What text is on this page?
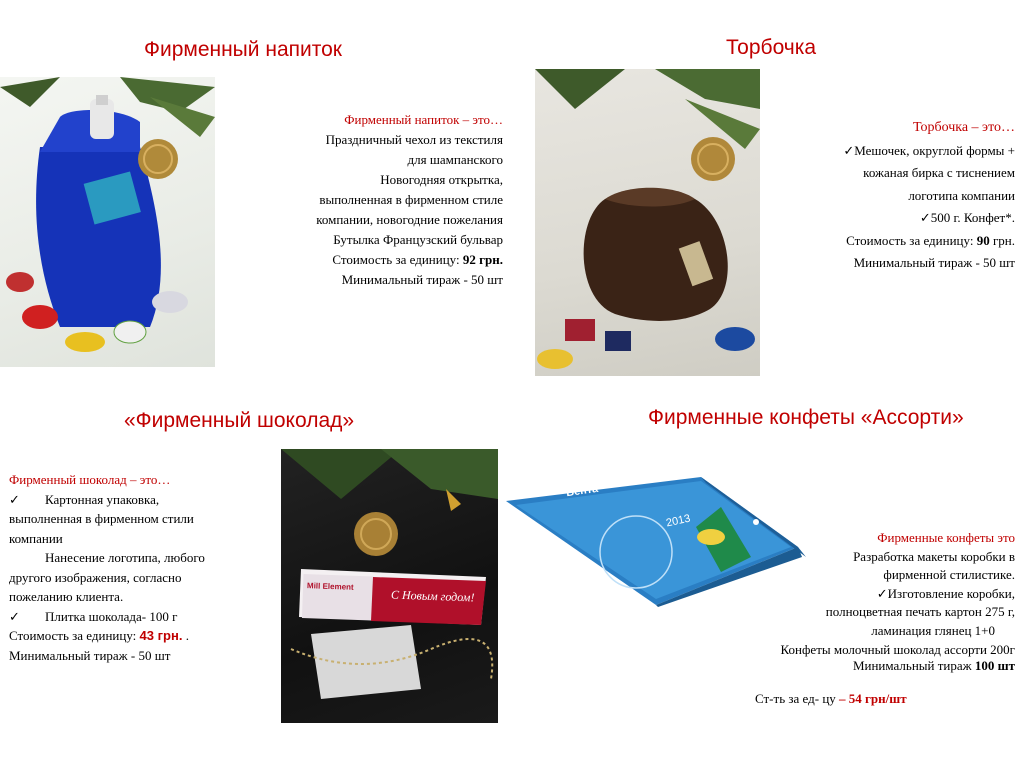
Фирменный напиток	Торбочка
«Фирменный шоколад»	Фирменные конфеты «Ассорти»
Фирменный напиток – это…
Праздничный чехол из текстиля
для шампанского
Новогодняя открытка,
выполненная в фирменном стиле
компании, новогодние пожелания
Бутылка Французский бульвар
Стоимость за единицу: 92 грн.
Минимальный тираж - 50 шт
Торбочка – это…
✓Мешочек, округлой формы +
кожаная бирка с тиснением
логотипа компании
✓500 г. Конфет*.
Стоимость за единицу: 90 грн.
Минимальный тираж - 50 шт
Фирменный шоколад – это…
✓ Картонная упаковка,
выполненная в фирменном стили
компании
Нанесение логотипа, любого
другого изображения, согласно
пожеланию клиента.
✓ Плитка шоколада- 100 г
Стоимость за единицу: 43 грн. .
Минимальный тираж - 50 шт
Mill Element
С Новым годом!
Вента
2013
Фирменные конфеты это
Разработка макеты коробки в
фирменной стилистике.
✓Изготовление коробки,
полноцветная печать картон 275 г,
ламинация глянец 1+0
Конфеты молочный шоколад ассорти 200г
Минимальный тираж 100 шт
Ст-ть за ед- цу – 54 грн/шт
